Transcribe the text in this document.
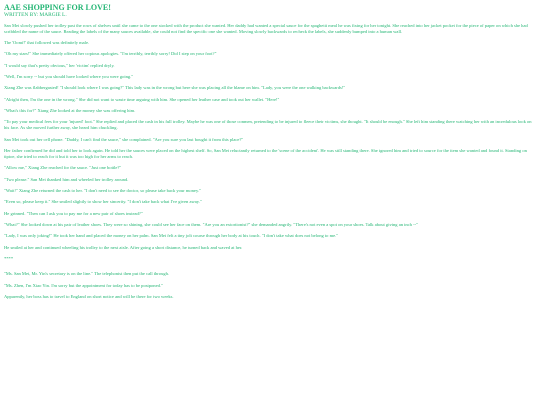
AAE SHOPPING FOR LOVE!
WRITTEN BY: MARGIE L.

San Mei slowly pushed her trolley past the rows of shelves until she came to the one stocked with the product she wanted. Her daddy had wanted a special sauce for the spaghetti meal he was fixing for her tonight. She reached into her jacket pocket for the piece of paper on which she had scribbled the name of the sauce. Reading the labels of the many sauces available, she could not find the specific one she wanted. Moving slowly backwards to recheck the labels, she suddenly bumped into a human wall.

The 'Oomf!' that followed was definitely male.

"Oh my stars!" She immediately offered her copious apologies. "I'm terribly, terribly sorry! Did I step on your foot?"

"I would say that's pretty obvious," her 'victim' replied dryly.

"Well, I'm sorry -- but you should have looked where you were going."

Xiang Zhe was flabbergasted! "I should look where I was going?" This lady was in the wrong but here she was placing all the blame on him. "Lady, you were the one walking backwards!"

"Alright then, I'm the one in the wrong." She did not want to waste time arguing with him. She opened her leather case and took out her wallet. "Here!"

"What's this for?" Xiang Zhe looked at the money she was offering him.

"To pay your medical fees for your 'injured' foot." She replied and placed the cash in his full trolley. Maybe he was one of those conmen, pretending to be injured to fleece their victims, she thought. "It should be enough." She left him standing there watching her with an incredulous look on his face. As she moved further away, she heard him chuckling.

San Mei took out her cell phone. "Daddy, I can't find the sauce," she complained. "Are you sure you last bought it from this place?"

Her father confirmed he did and told her to look again. He told her the sauces were placed on the highest shelf. So, San Mei reluctantly returned to the 'scene of the accident'. He was still standing there. She ignored him and tried to source for the item she wanted and found it. Standing on tiptoe, she tried to reach for it but it was too high for her arms to reach.

"Allow me," Xiang Zhe reached for the sauce. "Just one bottle?"

"Two please." San Mei thanked him and wheeled her trolley around.

"Wait!" Xiang Zhe returned the cash to her. "I don't need to see the doctor, so please take back your money."

"Even so, please keep it." She smiled slightly to show her sincerity. "I don't take back what I've given away."

He grinned. "Then can I ask you to pay me for a new pair of shoes instead?"

"What?" She looked down at his pair of leather shoes. They were so shining, she could see her face on them. "Are you an extortionist?" she demanded angrily. "There's not even a spot on your shoes. Talk about giving an inch --"

"Lady, I was only joking!" He took her hand and placed the money on her palm. San Mei felt a tiny jolt course through her body at his touch. "I don't take what does not belong to me."

He smiled at her and continued wheeling his trolley to the next aisle. After going a short distance, he turned back and waved at her.

****

"Ms. San Mei, Mr. Yin's secretary is on the line." The telephonist then put the call through.

"Ms. Zhen, I'm Xiao Yin. I'm sorry but the appointment for today has to be postponed."

Apparently, her boss has to travel to England on short notice and will be there for two weeks.
